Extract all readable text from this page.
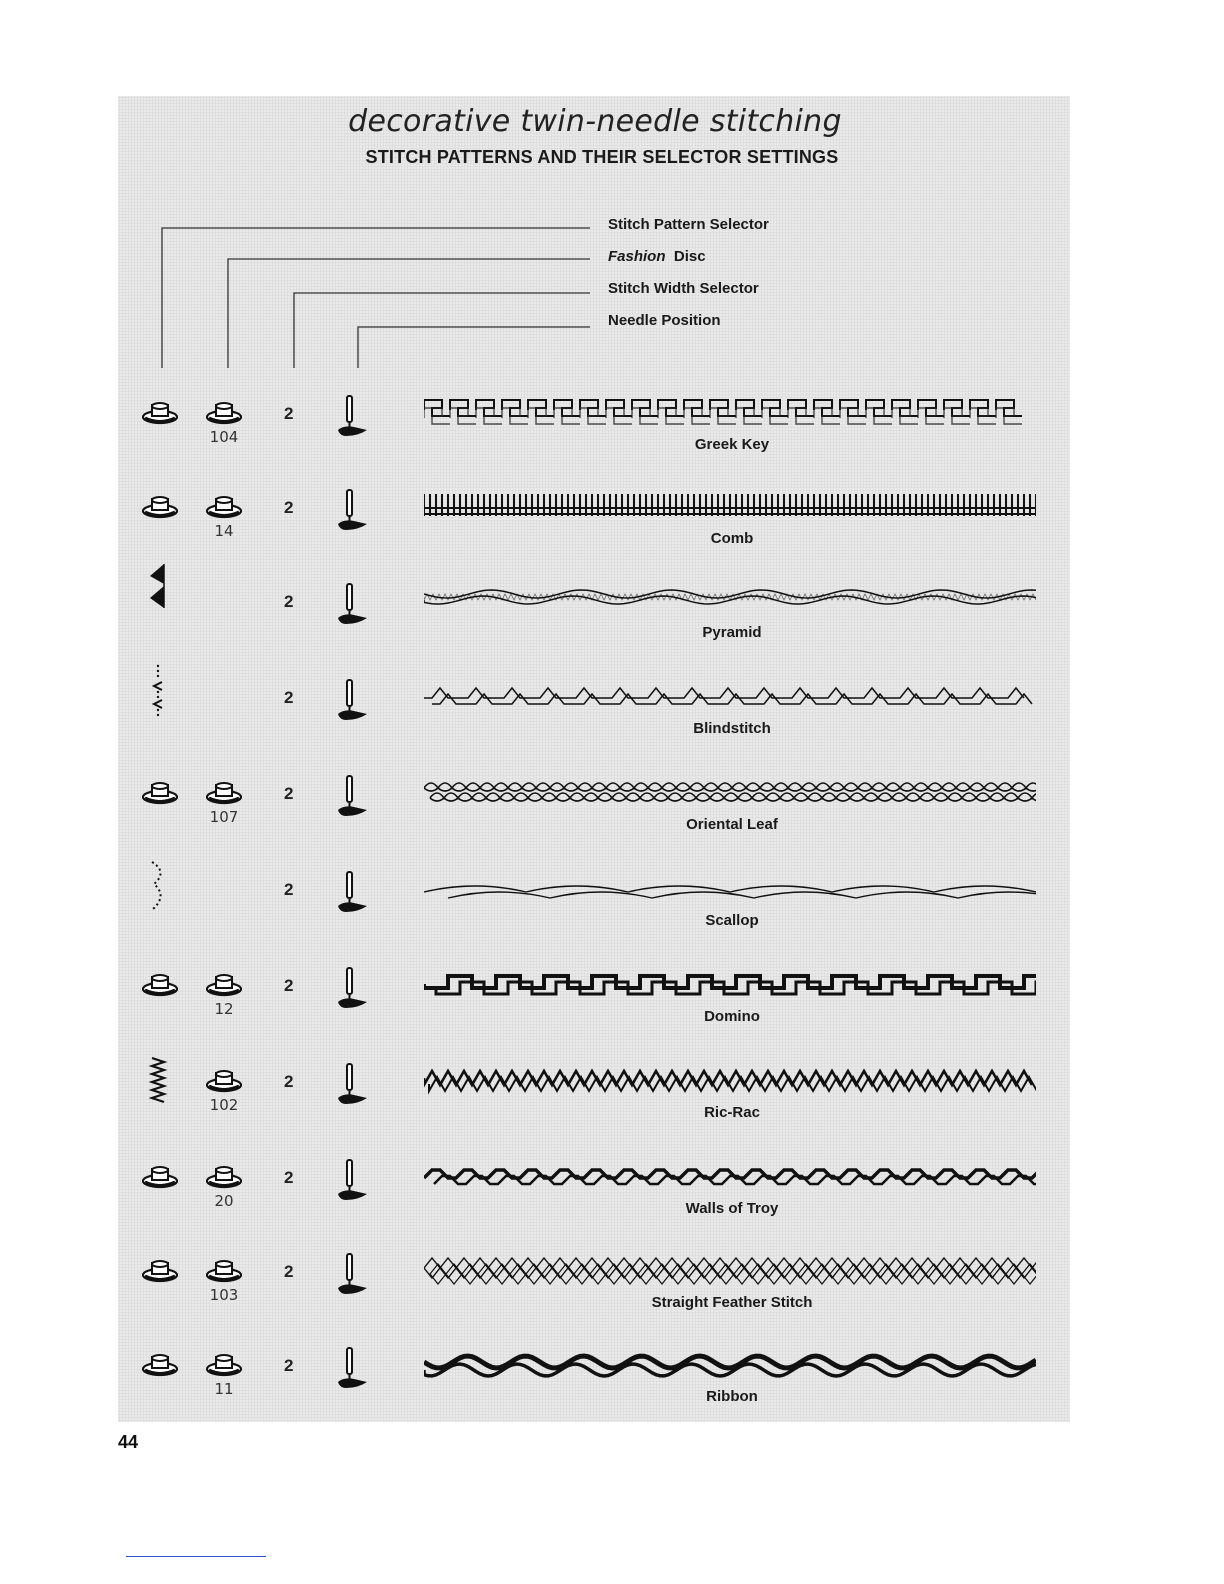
decorative twin-needle stitching
STITCH PATTERNS AND THEIR SELECTOR SETTINGS
Stitch Pattern Selector
Fashion Disc
Stitch Width Selector
Needle Position
104
2
Greek Key
14
2
Comb
2
Pyramid
2
Blindstitch
107
2
Oriental Leaf
2
Scallop
12
2
Domino
102
2
Ric-Rac
20
2
Walls of Troy
103
2
Straight Feather Stitch
11
2
Ribbon
44
